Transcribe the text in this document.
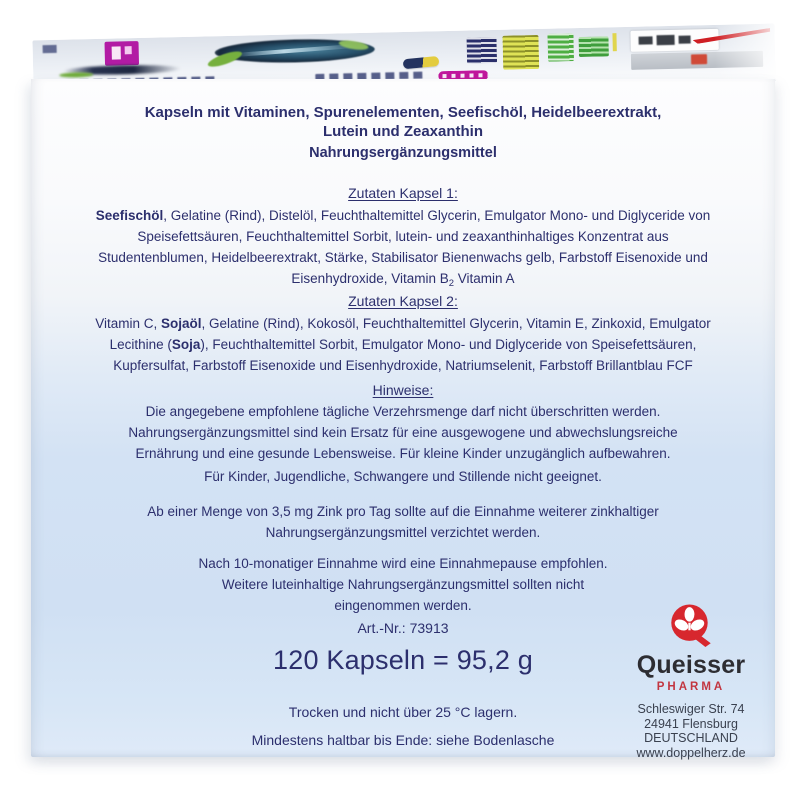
Kapseln mit Vitaminen, Spurenelementen, Seefischöl, Heidelbeerextrakt,
Lutein und Zeaxanthin
Nahrungsergänzungsmittel
Zutaten Kapsel 1:
Seefischöl, Gelatine (Rind), Distelöl, Feuchthaltemittel Glycerin, Emulgator Mono- und Diglyceride von
Speisefettsäuren, Feuchthaltemittel Sorbit, lutein- und zeaxanthinhaltiges Konzentrat aus
Studentenblumen, Heidelbeerextrakt, Stärke, Stabilisator Bienenwachs gelb, Farbstoff Eisenoxide und
Eisenhydroxide, Vitamin $B_2$ Vitamin A
Zutaten Kapsel 2:
Vitamin C, Sojaöl, Gelatine (Rind), Kokosöl, Feuchthaltemittel Glycerin, Vitamin E, Zinkoxid, Emulgator
Lecithine (Soja), Feuchthaltemittel Sorbit, Emulgator Mono- und Diglyceride von Speisefettsäuren,
Kupfersulfat, Farbstoff Eisenoxide und Eisenhydroxide, Natriumselenit, Farbstoff Brillantblau FCF
Hinweise:
Die angegebene empfohlene tägliche Verzehrsmenge darf nicht überschritten werden.
Nahrungsergänzungsmittel sind kein Ersatz für eine ausgewogene und abwechslungsreiche
Ernährung und eine gesunde Lebensweise. Für kleine Kinder unzugänglich aufbewahren.
Für Kinder, Jugendliche, Schwangere und Stillende nicht geeignet.
Ab einer Menge von 3,5 mg Zink pro Tag sollte auf die Einnahme weiterer zinkhaltiger
Nahrungsergänzungsmittel verzichtet werden.
Nach 10-monatiger Einnahme wird eine Einnahmepause empfohlen.
Weitere luteinhaltige Nahrungsergänzungsmittel sollten nicht
eingenommen werden.
Art.-Nr.: 73913
120 Kapseln = 95,2 g
Trocken und nicht über 25 °C lagern.
Mindestens haltbar bis Ende: siehe Bodenlasche
Queisser
PHARMA
Schleswiger Str. 74
24941 Flensburg
DEUTSCHLAND
www.doppelherz.de
